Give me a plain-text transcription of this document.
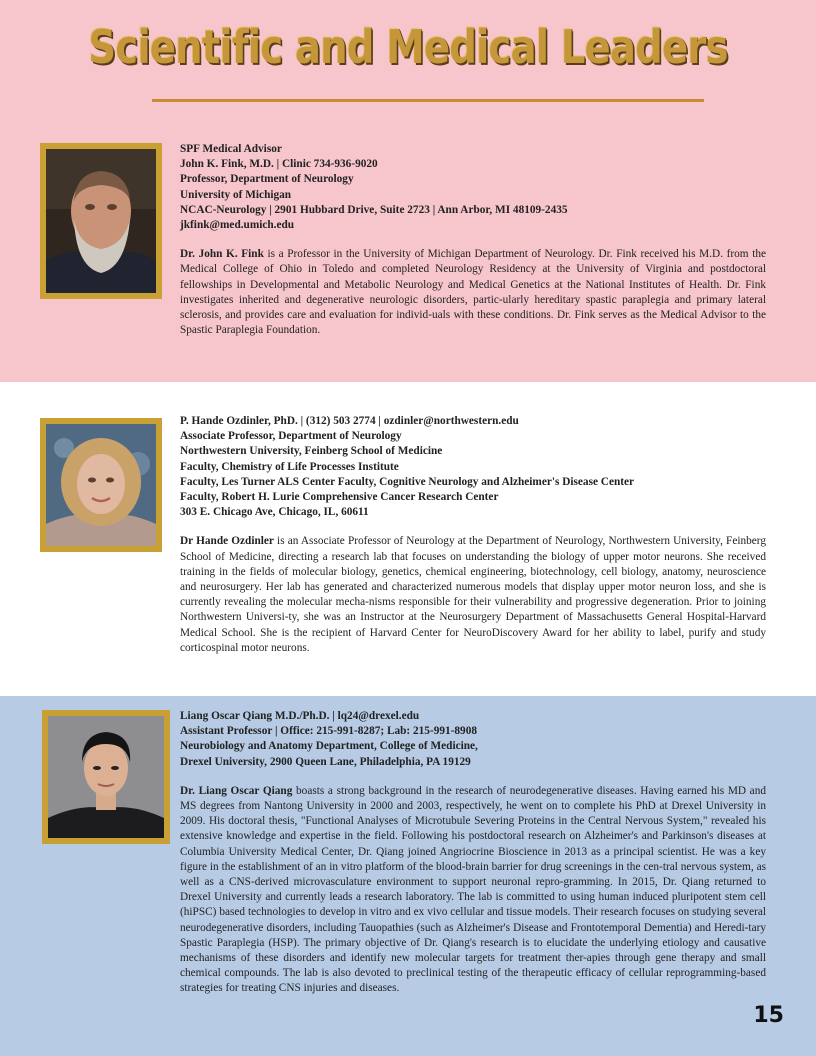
Scientific and Medical Leaders
SPF Medical Advisor
John K. Fink, M.D. | Clinic 734-936-9020
Professor, Department of Neurology
University of Michigan
NCAC-Neurology | 2901 Hubbard Drive, Suite 2723 | Ann Arbor, MI 48109-2435
jkfink@med.umich.edu

Dr. John K. Fink is a Professor in the University of Michigan Department of Neurology. Dr. Fink received his M.D. from the Medical College of Ohio in Toledo and completed Neurology Residency at the University of Virginia and postdoctoral fellowships in Developmental and Metabolic Neurology and Medical Genetics at the National Institutes of Health. Dr. Fink investigates inherited and degenerative neurologic disorders, partic-ularly hereditary spastic paraplegia and primary lateral sclerosis, and provides care and evaluation for individ-uals with these conditions. Dr. Fink serves as the Medical Advisor to the Spastic Paraplegia Foundation.

P. Hande Ozdinler, PhD. | (312) 503 2774 | ozdinler@northwestern.edu
Associate Professor, Department of Neurology
Northwestern University, Feinberg School of Medicine
Faculty, Chemistry of Life Processes Institute
Faculty, Les Turner ALS Center Faculty, Cognitive Neurology and Alzheimer's Disease Center
Faculty, Robert H. Lurie Comprehensive Cancer Research Center
303 E. Chicago Ave, Chicago, IL, 60611

Dr Hande Ozdinler is an Associate Professor of Neurology at the Department of Neurology, Northwestern University, Feinberg School of Medicine, directing a research lab that focuses on understanding the biology of upper motor neurons. She received training in the fields of molecular biology, genetics, chemical engineering, biotechnology, cell biology, anatomy, neuroscience and neurosurgery. Her lab has generated and characterized numerous models that display upper motor neuron loss, and she is currently revealing the molecular mecha-nisms responsible for their vulnerability and progressive degeneration. Prior to joining Northwestern Universi-ty, she was an Instructor at the Neurosurgery Department of Massachusetts General Hospital-Harvard Medical School. She is the recipient of Harvard Center for NeuroDiscovery Award for her ability to label, purify and study corticospinal motor neurons.

Liang Oscar Qiang M.D./Ph.D. | lq24@drexel.edu
Assistant Professor | Office: 215-991-8287; Lab: 215-991-8908
Neurobiology and Anatomy Department, College of Medicine,
Drexel University, 2900 Queen Lane, Philadelphia, PA 19129

Dr. Liang Oscar Qiang boasts a strong background in the research of neurodegenerative diseases. Having earned his MD and MS degrees from Nantong University in 2000 and 2003, respectively, he went on to complete his PhD at Drexel University in 2009. His doctoral thesis, "Functional Analyses of Microtubule Severing Proteins in the Central Nervous System," revealed his extensive knowledge and expertise in the field. Following his postdoctoral research on Alzheimer's and Parkinson's diseases at Columbia University Medical Center, Dr. Qiang joined Angriocrine Bioscience in 2013 as a principal scientist. He was a key figure in the establishment of an in vitro platform of the blood-brain barrier for drug screenings in the cen-tral nervous system, as well as a CNS-derived microvasculature environment to support neuronal repro-gramming. In 2015, Dr. Qiang returned to Drexel University and currently leads a research laboratory. The lab is committed to using human induced pluripotent stem cell (hiPSC) based technologies to develop in vitro and ex vivo cellular and tissue models. Their research focuses on studying several neurodegenerative disorders, including Tauopathies (such as Alzheimer's Disease and Frontotemporal Dementia) and Heredi-tary Spastic Paraplegia (HSP). The primary objective of Dr. Qiang's research is to elucidate the underlying etiology and causative mechanisms of these disorders and identify new molecular targets for treatment ther-apies through gene therapy and small chemical compounds. The lab is also devoted to preclinical testing of the therapeutic efficacy of cellular reprogramming-based strategies for treating CNS injuries and diseases.

15
